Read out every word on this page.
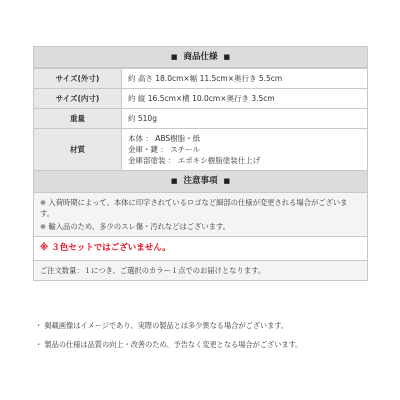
■ 商品仕様 ■
サイズ(外寸)	約 高さ 18.0cm×幅 11.5cm×奥行き 5.5cm
サイズ(内寸)	約 縦 16.5cm×横 10.0cm×奥行き 3.5cm
重量	約 510g
材質	本体 ： ABS樹脂・紙
金庫・鍵 ： スチール
金庫部塗装 ： エポキシ樹脂塗装仕上げ
■ 注意事項 ■
※ 入荷時期によって、本体に印字されているロゴなど細部の仕様が変更される場合がございます。
※ 輸入品のため、多少のスレ傷・汚れなどはございます。
※ ３色セットではございません。
ご注文数量：１につき、ご選択のカラー１点でのお届けとなります。
・ 掲載画像はイメージであり、実際の製品とは多少異なる場合がございます。
・ 製品の仕様は品質の向上・改善のため、予告なく変更となる場合がございます。
